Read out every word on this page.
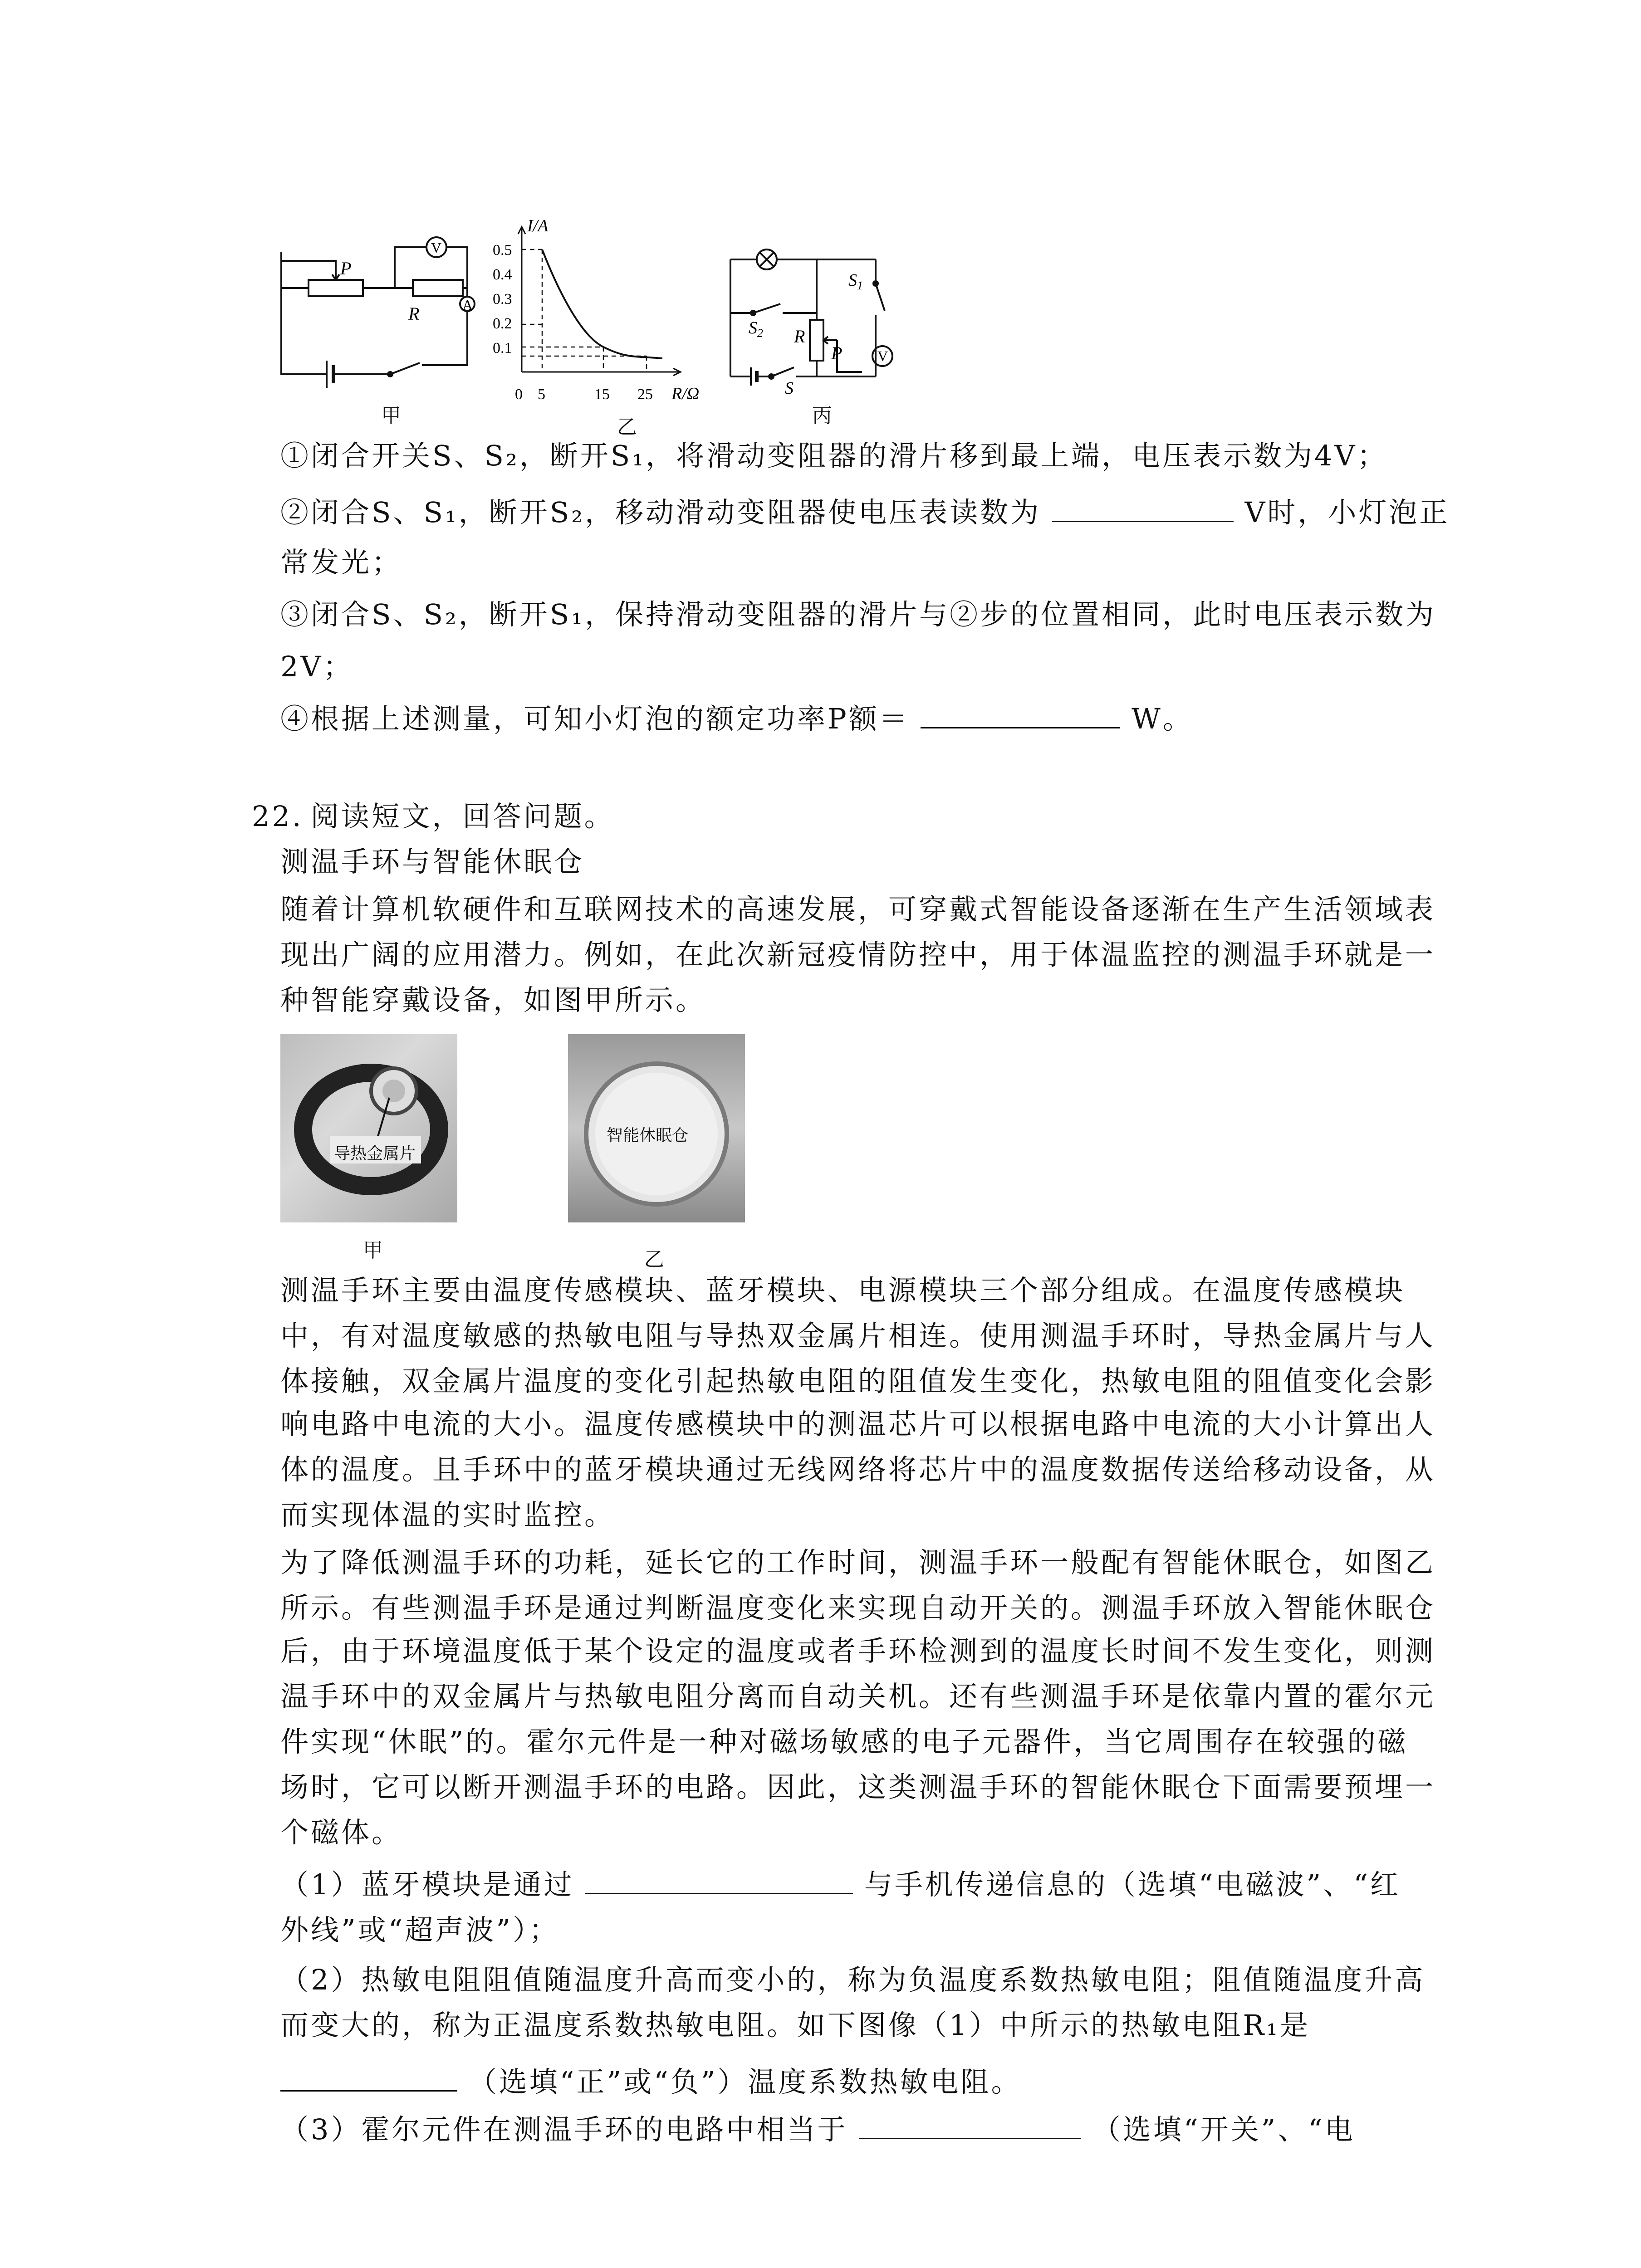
P
R
V
A
甲
I/A
R/Ω
0.5
0.4
0.3
0.2
0.1
0 5	15 25
乙
$S_1$
$S_2$ R
P V
S
丙
①闭合开关S、S₂，断开S₁，将滑动变阻器的滑片移到最上端，电压表示数为4V；
②闭合S、S₁，断开S₂，移动滑动变阻器使电压表读数为	V时，小灯泡正
常发光；
③闭合S、S₂，断开S₁，保持滑动变阻器的滑片与②步的位置相同，此时电压表示数为
2V；
④根据上述测量，可知小灯泡的额定功率P额＝	W。
22. 阅读短文，回答问题。
测温手环与智能休眠仓
随着计算机软硬件和互联网技术的高速发展，可穿戴式智能设备逐渐在生产生活领域表
现出广阔的应用潜力。例如，在此次新冠疫情防控中，用于体温监控的测温手环就是一
种智能穿戴设备，如图甲所示。
导热金属片
智能休眠仓
甲	乙
测温手环主要由温度传感模块、蓝牙模块、电源模块三个部分组成。在温度传感模块
中，有对温度敏感的热敏电阻与导热双金属片相连。使用测温手环时，导热金属片与人
体接触，双金属片温度的变化引起热敏电阻的阻值发生变化，热敏电阻的阻值变化会影
响电路中电流的大小。温度传感模块中的测温芯片可以根据电路中电流的大小计算出人
体的温度。且手环中的蓝牙模块通过无线网络将芯片中的温度数据传送给移动设备，从
而实现体温的实时监控。
为了降低测温手环的功耗，延长它的工作时间，测温手环一般配有智能休眠仓，如图乙
所示。有些测温手环是通过判断温度变化来实现自动开关的。测温手环放入智能休眠仓
后，由于环境温度低于某个设定的温度或者手环检测到的温度长时间不发生变化，则测
温手环中的双金属片与热敏电阻分离而自动关机。还有些测温手环是依靠内置的霍尔元
件实现“休眠”的。霍尔元件是一种对磁场敏感的电子元器件，当它周围存在较强的磁
场时，它可以断开测温手环的电路。因此，这类测温手环的智能休眠仓下面需要预埋一
个磁体。
（1）蓝牙模块是通过	与手机传递信息的（选填“电磁波”、“红
外线”或“超声波”）；
（2）热敏电阻阻值随温度升高而变小的，称为负温度系数热敏电阻；阻值随温度升高
而变大的，称为正温度系数热敏电阻。如下图像（1）中所示的热敏电阻R₁是
（选填“正”或“负”）温度系数热敏电阻。
（3）霍尔元件在测温手环的电路中相当于	（选填“开关”、“电
